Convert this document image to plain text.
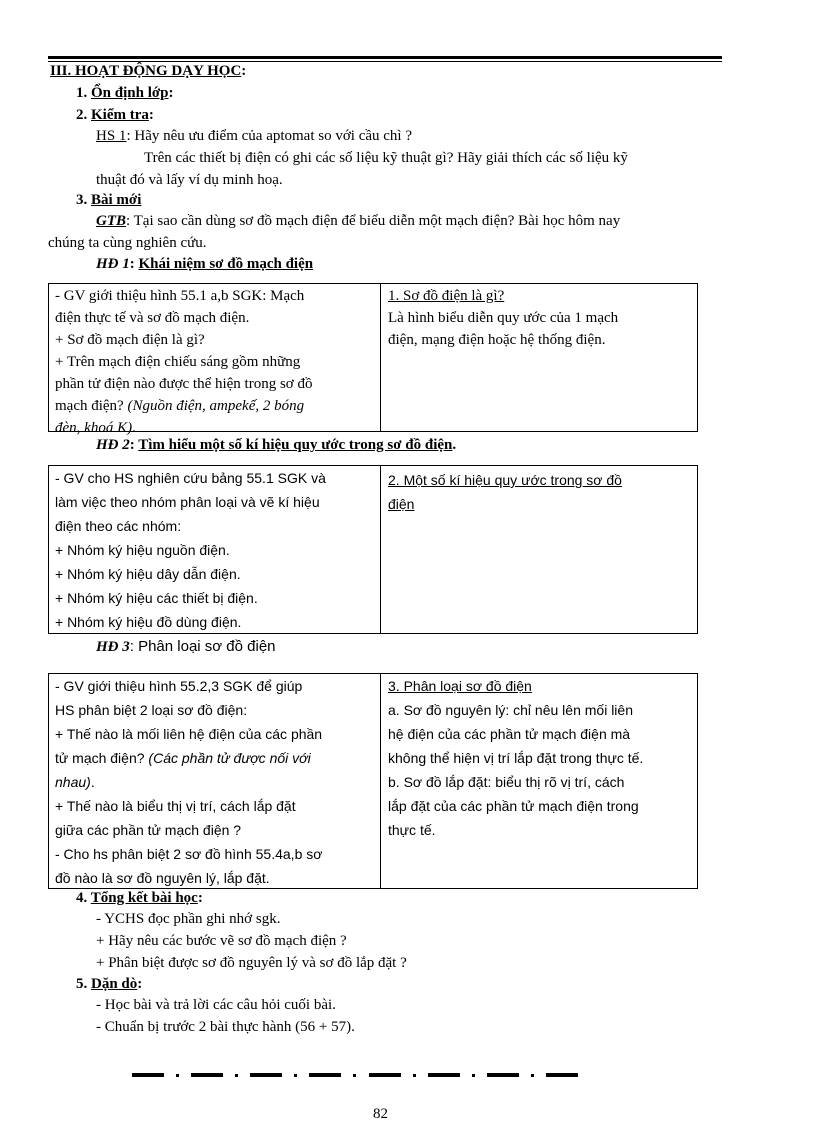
III. HOẠT ĐỘNG DẠY HỌC:
1. Ổn định lớp:
2. Kiểm tra:
HS 1: Hãy nêu ưu điểm của aptomat so với cầu chì ?
Trên các thiết bị điện có ghi các số liệu kỹ thuật gì? Hãy giải thích các số liệu kỹ
thuật đó và lấy ví dụ minh hoạ.
3. Bài mới
GTB: Tại sao cần dùng sơ đồ mạch điện để biểu diễn một mạch điện? Bài học hôm nay
chúng ta cùng nghiên cứu.
HĐ 1: Khái niệm sơ đồ mạch điện
- GV giới thiệu hình 55.1 a,b SGK: Mạch
điện thực tế và sơ đồ mạch điện.
+ Sơ đồ mạch điện là gì?
+ Trên mạch điện chiếu sáng gồm những
phần tử điện nào được thể hiện trong sơ đồ
mạch điện? (Nguồn điện, ampekế, 2 bóng
đèn, khoá K).
1. Sơ đồ điện là gì?
Là hình biểu diễn quy ước của 1 mạch
điện, mạng điện hoặc hệ thống điện.
HĐ 2: Tìm hiểu một số kí hiệu quy ước trong sơ đồ điện.
- GV cho HS nghiên cứu bảng 55.1 SGK và
làm việc theo nhóm phân loại và vẽ kí hiệu
điện theo các nhóm:
+ Nhóm ký hiệu nguồn điện.
+ Nhóm ký hiệu dây dẫn điện.
+ Nhóm ký hiệu các thiết bị điện.
+ Nhóm ký hiệu đồ dùng điện.
2. Một số kí hiệu quy ước trong sơ đồ
điện
HĐ 3: Phân loại sơ đồ điện
- GV giới thiệu hình 55.2,3 SGK để giúp
HS phân biệt 2 loại sơ đồ điện:
+ Thế nào là mối liên hệ điện của các phần
tử mạch điện? (Các phần tử được nối với
nhau).
+ Thế nào là biểu thị vị trí, cách lắp đặt
giữa các phần tử mạch điện ?
- Cho hs phân biệt 2 sơ đồ hình 55.4a,b sơ
đồ nào là sơ đồ nguyên lý, lắp đặt.
3. Phân loại sơ đồ điện
a. Sơ đồ nguyên lý: chỉ nêu lên mối liên
hệ điện của các phần tử mạch điện mà
không thể hiện vị trí lắp đặt trong thực tế.
b. Sơ đồ lắp đặt: biểu thị rõ vị trí, cách
lắp đặt của các phần tử mạch điện trong
thực tế.
4. Tổng kết bài học:
- YCHS đọc phần ghi nhớ sgk.
+ Hãy nêu các bước vẽ sơ đồ mạch điện ?
+ Phân biệt được sơ đồ nguyên lý và sơ đồ lắp đặt ?
5. Dặn dò:
- Học bài và trả lời các câu hỏi cuối bài.
- Chuẩn bị trước 2 bài thực hành (56 + 57).
82
